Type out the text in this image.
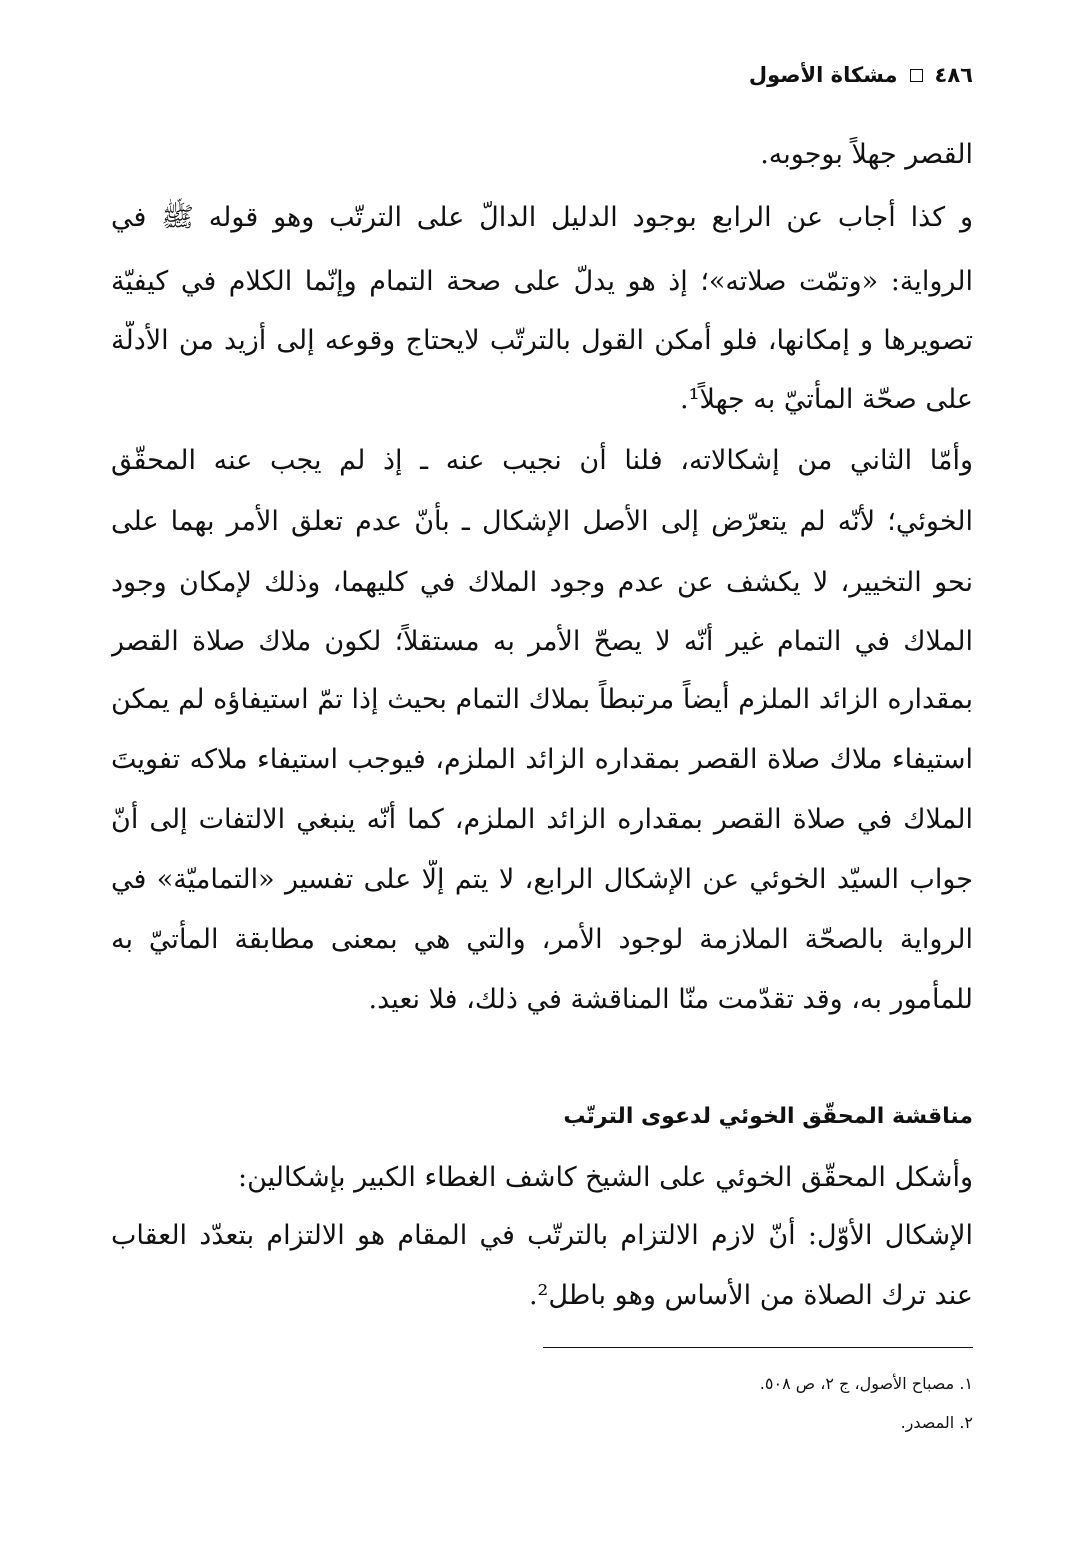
٤٨٦
مشكاة الأصول
القصر جهلاً بوجوبه.
و كذا أجاب عن الرابع بوجود الدليل الدالّ على الترتّب وهو قوله ﷺ في
الرواية: «وتمّت صلاته»؛ إذ هو يدلّ على صحة التمام وإنّما الكلام في كيفيّة
تصويرها و إمكانها، فلو أمكن القول بالترتّب لايحتاج وقوعه إلى أزيد من الأدلّة
على صحّة المأتيّ به جهلاً¹.
وأمّا الثاني من إشكالاته، فلنا أن نجيب عنه ـ إذ لم يجب عنه المحقّق
الخوئي؛ لأنّه لم يتعرّض إلى الأصل الإشكال ـ بأنّ عدم تعلق الأمر بهما على
نحو التخيير، لا يكشف عن عدم وجود الملاك في كليهما، وذلك لإمكان وجود
الملاك في التمام غير أنّه لا يصحّ الأمر به مستقلاً؛ لكون ملاك صلاة القصر
بمقداره الزائد الملزم أيضاً مرتبطاً بملاك التمام بحيث إذا تمّ استيفاؤه لم يمكن
استيفاء ملاك صلاة القصر بمقداره الزائد الملزم، فيوجب استيفاء ملاكه تفويتَ
الملاك في صلاة القصر بمقداره الزائد الملزم، كما أنّه ينبغي الالتفات إلى أنّ
جواب السيّد الخوئي عن الإشكال الرابع، لا يتم إلّا على تفسير «التماميّة» في
الرواية بالصحّة الملازمة لوجود الأمر، والتي هي بمعنى مطابقة المأتيّ به
للمأمور به، وقد تقدّمت منّا المناقشة في ذلك، فلا نعيد.
مناقشة المحقّق الخوئي لدعوى الترتّب
وأشكل المحقّق الخوئي على الشيخ كاشف الغطاء الكبير بإشكالين:
الإشكال الأوّل: أنّ لازم الالتزام بالترتّب في المقام هو الالتزام بتعدّد العقاب
عند ترك الصلاة من الأساس وهو باطل².
١. مصباح الأصول، ج ٢، ص ٥٠٨.
٢. المصدر.
